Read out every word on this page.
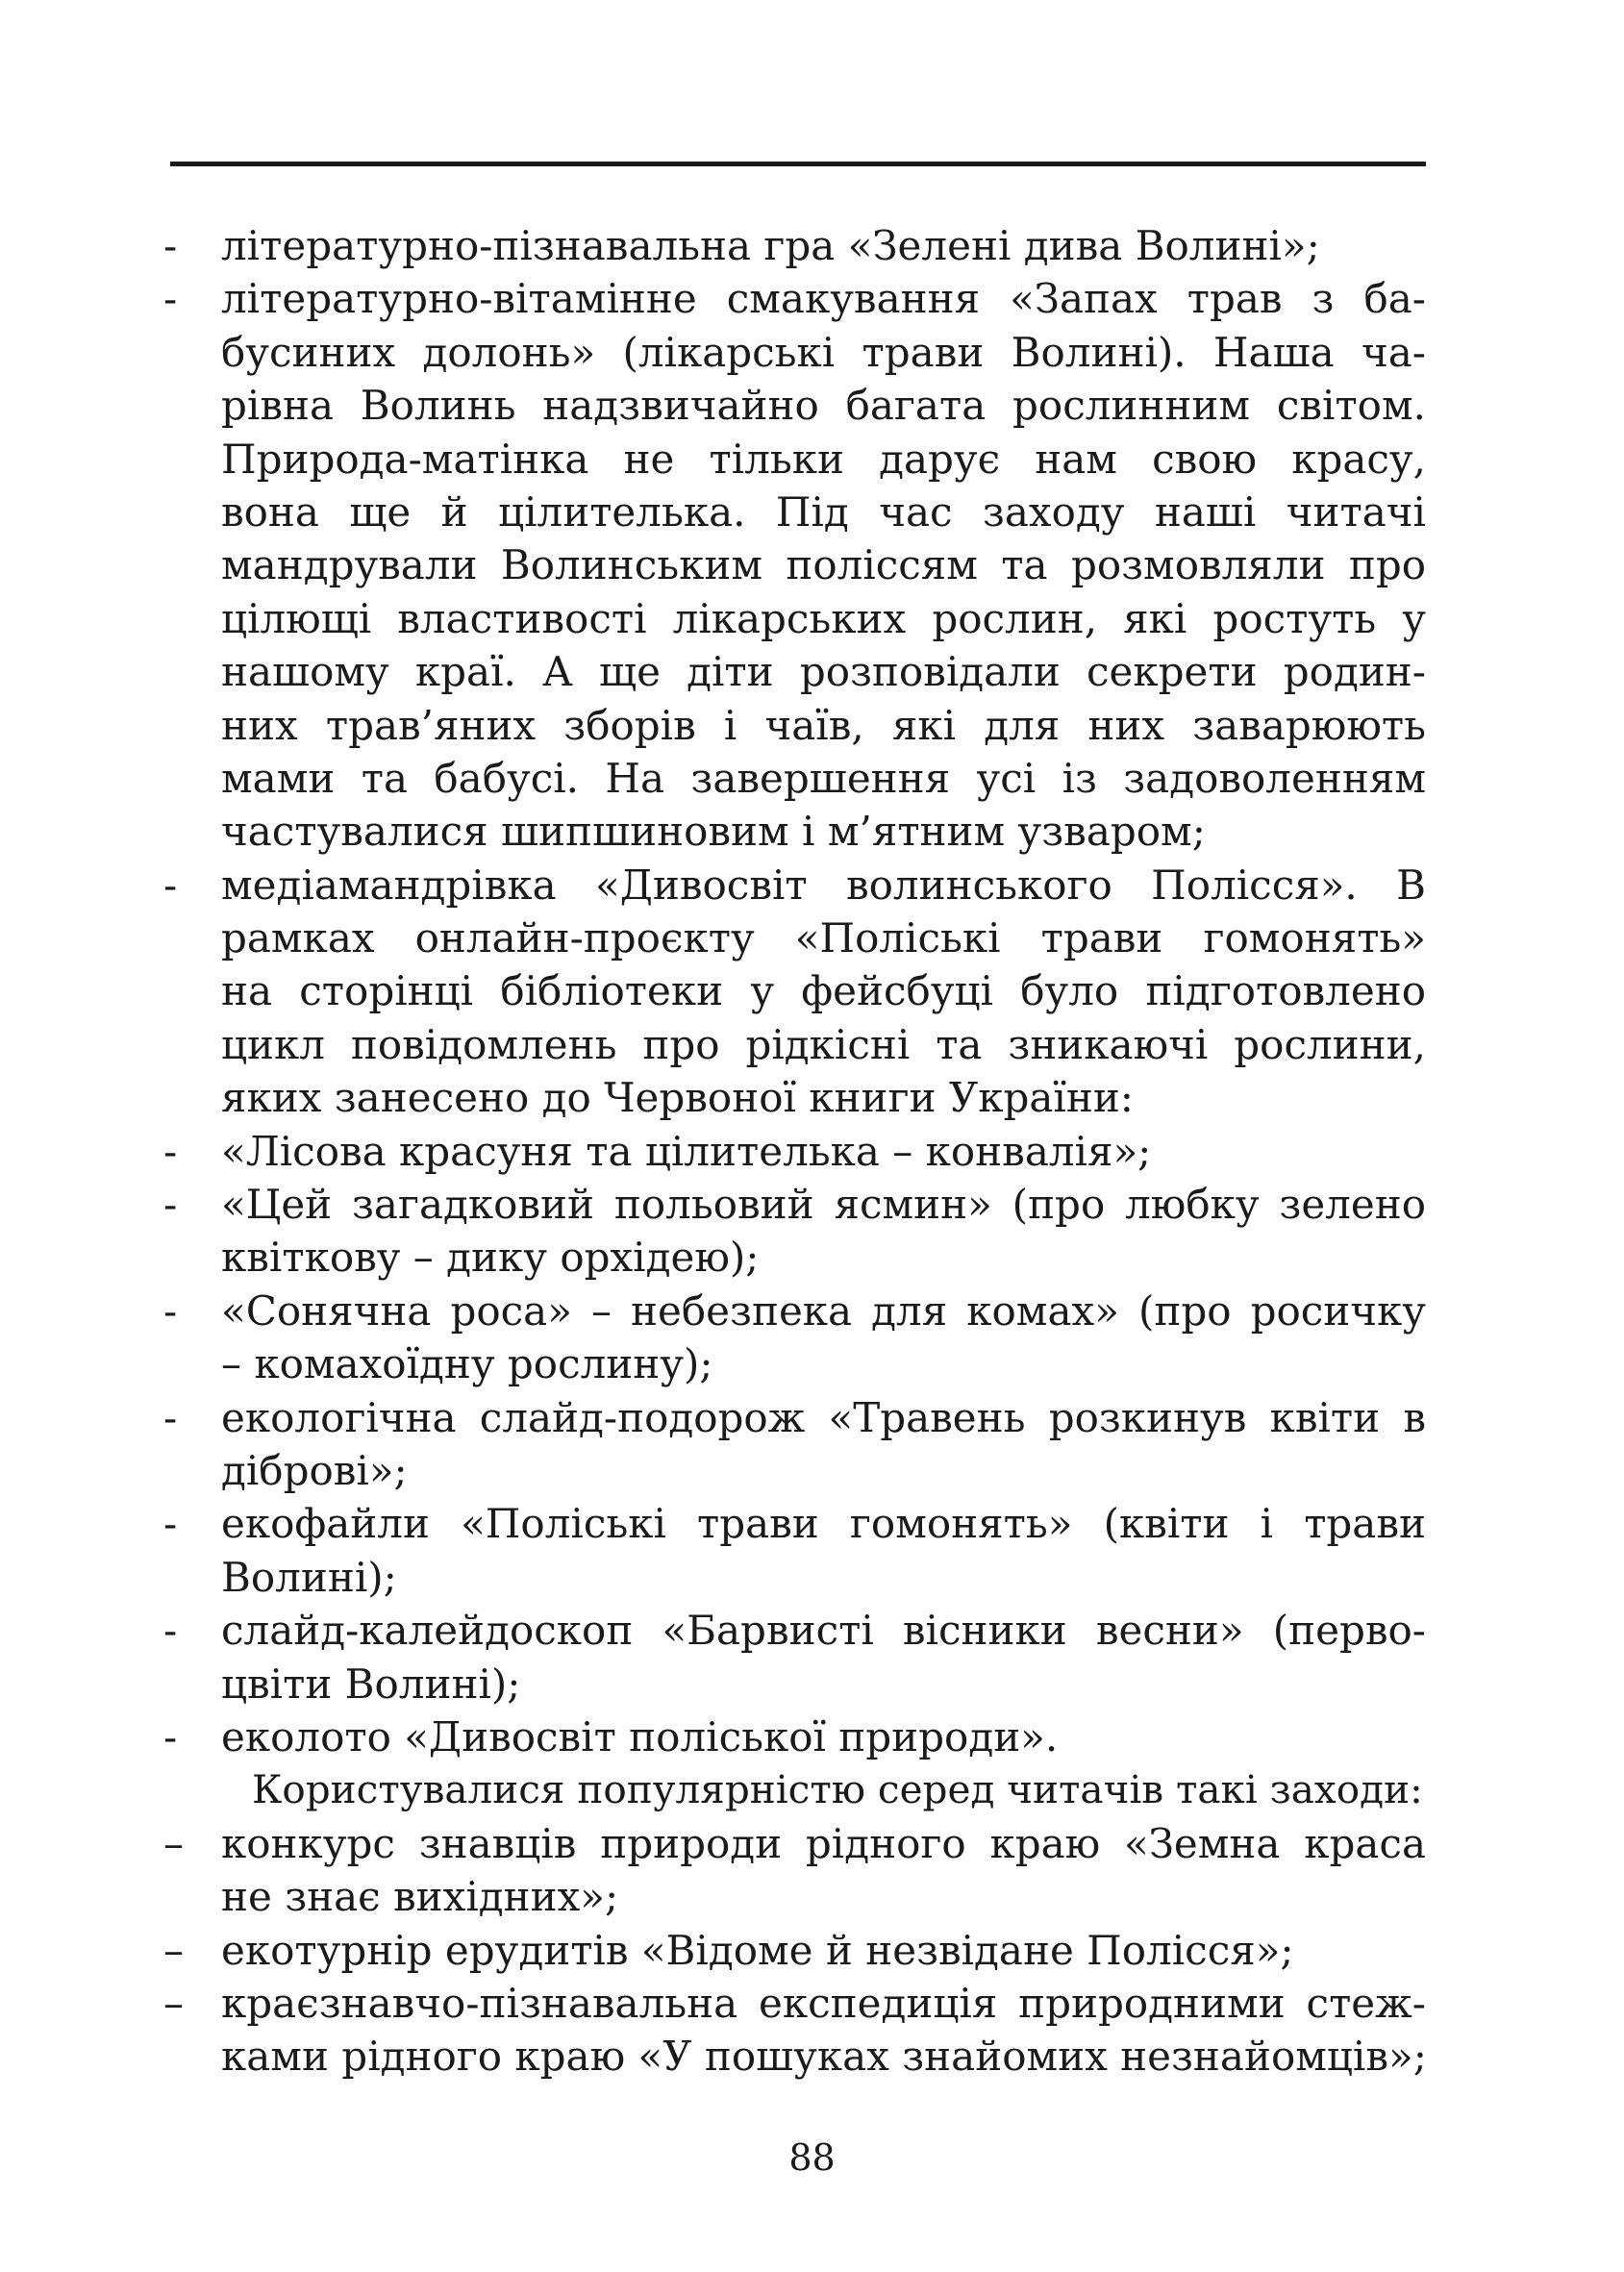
-	літературно-пізнавальна гра «Зелені дива Волині»;
-	літературно-вітамінне смакування «Запах трав з ба-
бусиних долонь» (лікарські трави Волині). Наша ча-
рівна Волинь надзвичайно багата рослинним світом.
Природа-матінка не тільки дарує нам свою красу,
вона ще й цілителька. Під час заходу наші читачі
мандрували Волинським поліссям та розмовляли про
цілющі властивості лікарських рослин, які ростуть у
нашому краї. А ще діти розповідали секрети родин-
них трав’яних зборів і чаїв, які для них заварюють
мами та бабусі. На завершення усі із задоволенням
частувалися шипшиновим і м’ятним узваром;
-	медіамандрівка «Дивосвіт волинського Полісся». В
рамках онлайн-проєкту «Поліські трави гомонять»
на сторінці бібліотеки у фейсбуці було підготовлено
цикл повідомлень про рідкісні та зникаючі рослини,
яких занесено до Червоної книги України:
-	«Лісова красуня та цілителька – конвалія»;
-	«Цей загадковий польовий ясмин» (про любку зелено
квіткову – дику орхідею);
-	«Сонячна роса» – небезпека для комах» (про росичку
– комахоїдну рослину);
-	екологічна слайд-подорож «Травень розкинув квіти в
діброві»;
-	екофайли «Поліські трави гомонять» (квіти і трави
Волині);
-	слайд-калейдоскоп «Барвисті вісники весни» (перво-
цвіти Волині);
-	еколото «Дивосвіт поліської природи».
Користувалися популярністю серед читачів такі заходи:
– конкурс знавців природи рідного краю «Земна краса
не знає вихідних»;
– екотурнір ерудитів «Відоме й незвідане Полісся»;
– краєзнавчо-пізнавальна експедиція природними стеж-
ками рідного краю «У пошуках знайомих незнайомців»;
88
